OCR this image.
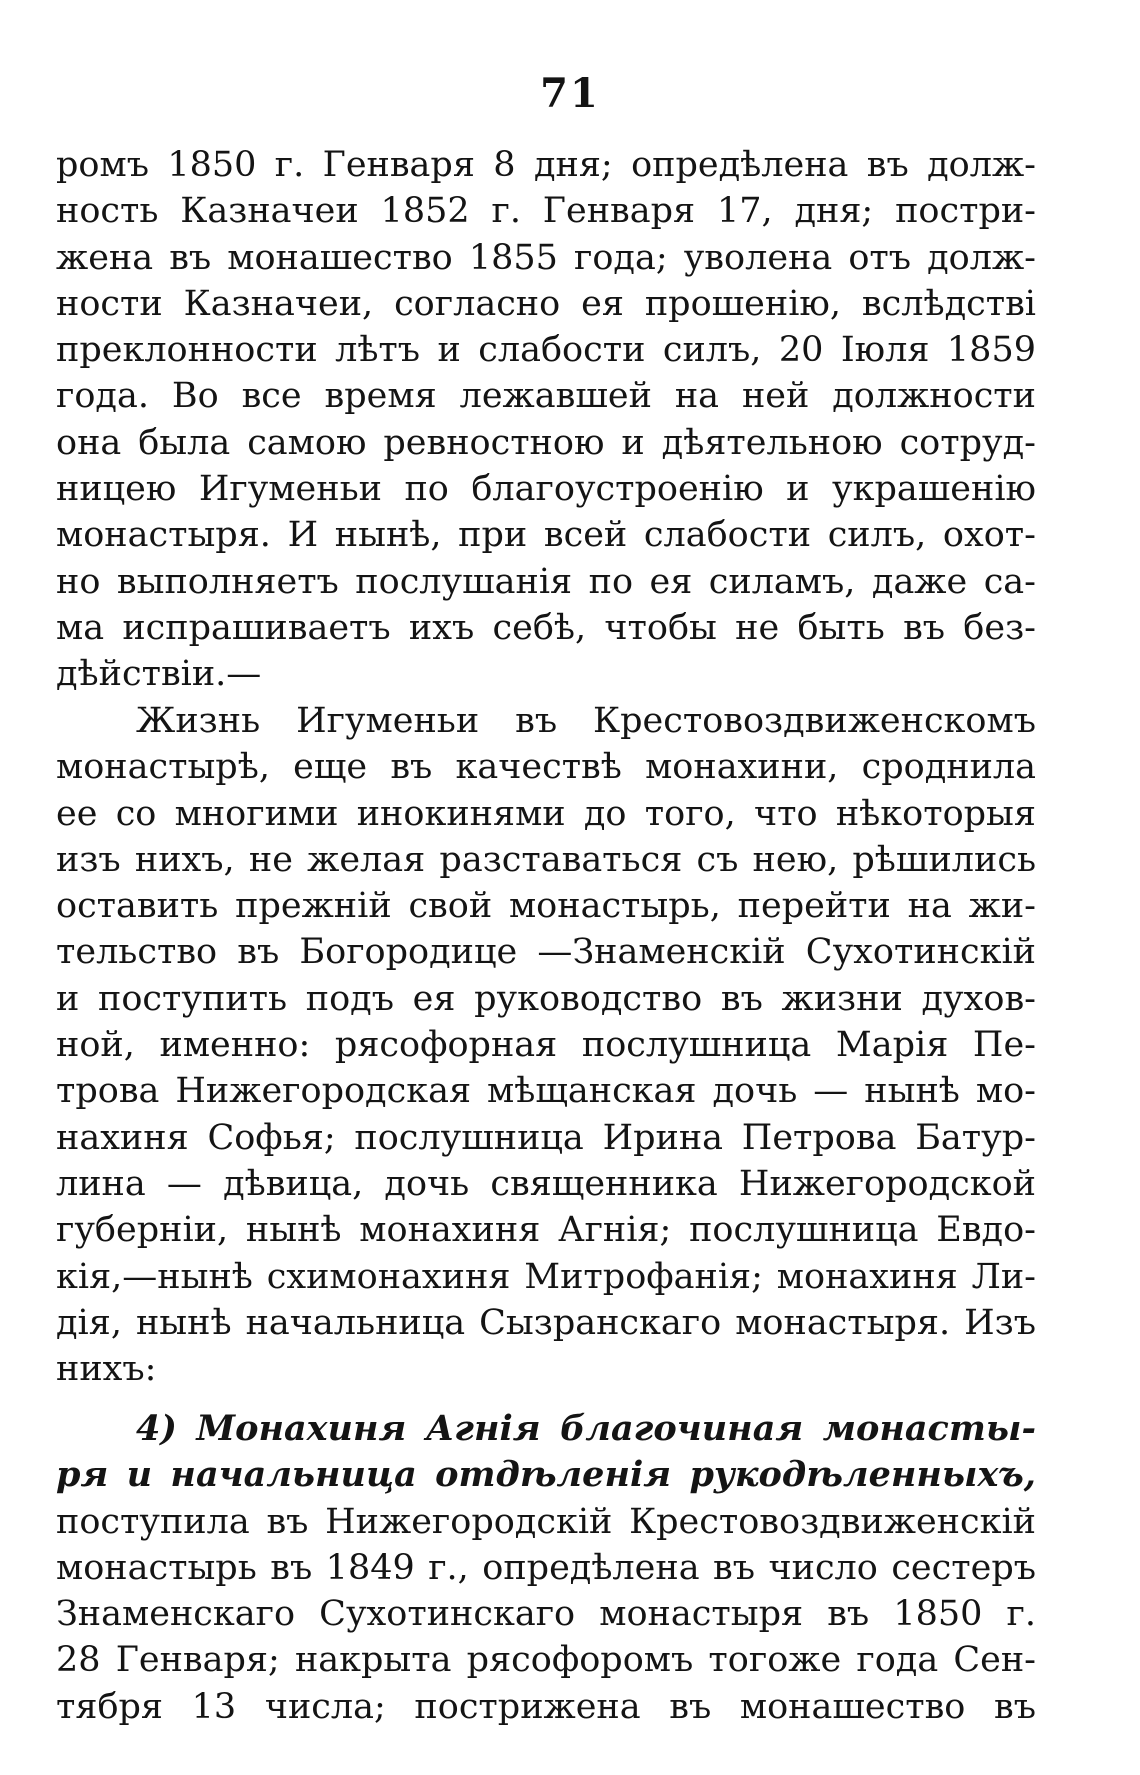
71
ромъ 1850 г. Генваря 8 дня; опредѣлена въ долж-
ность Казначеи 1852 г. Генваря 17, дня; постри-
жена въ монашество 1855 года; уволена отъ долж-
ности Казначеи, согласно ея прошенію, вслѣдстві
преклонности лѣтъ и слабости силъ, 20 Іюля 1859
года. Во все время лежавшей на ней должности
она была самою ревностною и дѣятельною сотруд-
ницею Игуменьи по благоустроенію и украшенію
монастыря. И нынѣ, при всей слабости силъ, охот-
но выполняетъ послушанія по ея силамъ, даже са-
ма испрашиваетъ ихъ себѣ, чтобы не быть въ без-
дѣйствіи.—
Жизнь Игуменьи въ Крестовоздвиженскомъ
монастырѣ, еще въ качествѣ монахини, сроднила
ее со многими инокинями до того, что нѣкоторыя
изъ нихъ, не желая разставаться съ нею, рѣшились
оставить прежній свой монастырь, перейти на жи-
тельство въ Богородице —Знаменскій Сухотинскій
и поступить подъ ея руководство въ жизни духов-
ной, именно: рясофорная послушница Марія Пе-
трова Нижегородская мѣщанская дочь — нынѣ мо-
нахиня Софья; послушница Ирина Петрова Батур-
лина — дѣвица, дочь священника Нижегородской
губерніи, нынѣ монахиня Агнія; послушница Евдо-
кія,—нынѣ схимонахиня Митрофанія; монахиня Ли-
дія, нынѣ начальница Сызранскаго монастыря. Изъ
нихъ:
4) Монахиня Агнія благочиная монасты-
ря и начальница отдѣленія рукодѣленныхъ,
поступила въ Нижегородскій Крестовоздвиженскій
монастырь въ 1849 г., опредѣлена въ число сестеръ
Знаменскаго Сухотинскаго монастыря въ 1850 г.
28 Генваря; накрыта рясофоромъ тогоже года Сен-
тября 13 числа; пострижена въ монашество въ
